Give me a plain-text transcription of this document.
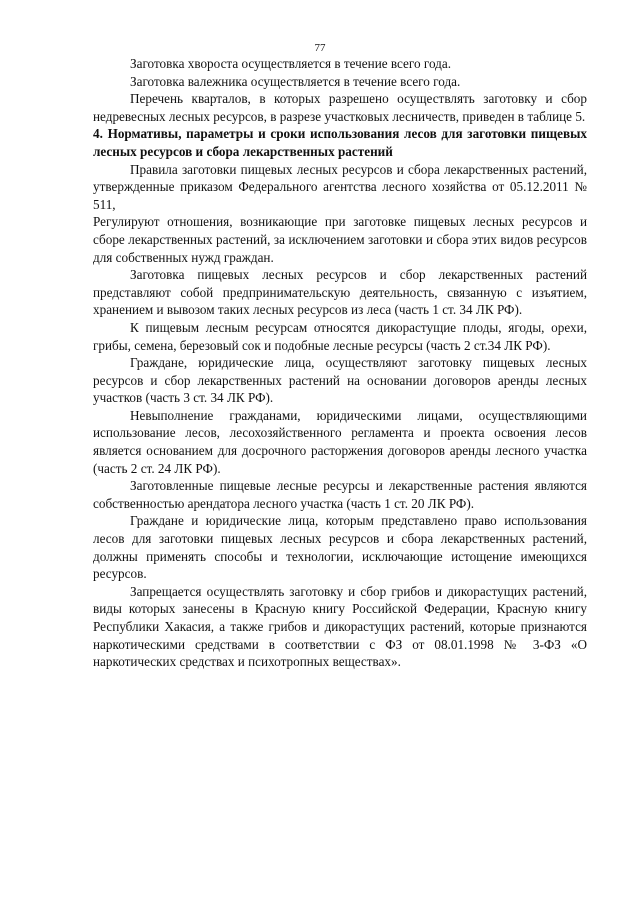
77

Заготовка хвороста осуществляется в течение всего года.

Заготовка валежника осуществляется в течение всего года.

Перечень кварталов, в которых разрешено осуществлять заготовку и сбор недревесных лесных ресурсов, в разрезе участковых лесничеств, приведен в таблице 5.

4. Нормативы, параметры и сроки использования лесов для заготовки пищевых лесных ресурсов и сбора лекарственных растений

Правила заготовки пищевых лесных ресурсов и сбора лекарственных растений, утвержденные приказом Федерального агентства лесного хозяйства от 05.12.2011 № 511,

Регулируют отношения, возникающие при заготовке пищевых лесных ресурсов и сборе лекарственных растений, за исключением заготовки и сбора этих видов ресурсов для собственных нужд граждан.

Заготовка пищевых лесных ресурсов и сбор лекарственных растений представляют собой предпринимательскую деятельность, связанную с изъятием, хранением и вывозом таких лесных ресурсов из леса (часть 1 ст. 34 ЛК РФ).

К пищевым лесным ресурсам относятся дикорастущие плоды, ягоды, орехи, грибы, семена, березовый сок и подобные лесные ресурсы (часть 2 ст.34 ЛК РФ).

Граждане, юридические лица, осуществляют заготовку пищевых лесных ресурсов и сбор лекарственных растений на основании договоров аренды лесных участков (часть 3 ст. 34 ЛК РФ).

Невыполнение гражданами, юридическими лицами, осуществляющими использование лесов, лесохозяйственного регламента и проекта освоения лесов является основанием для досрочного расторжения договоров аренды лесного участка (часть 2 ст. 24 ЛК РФ).

Заготовленные пищевые лесные ресурсы и лекарственные растения являются собственностью арендатора лесного участка (часть 1 ст. 20 ЛК РФ).

Граждане и юридические лица, которым представлено право использования лесов для заготовки пищевых лесных ресурсов и сбора лекарственных растений, должны применять способы и технологии, исключающие истощение имеющихся ресурсов.

Запрещается осуществлять заготовку и сбор грибов и дикорастущих растений, виды которых занесены в Красную книгу Российской Федерации, Красную книгу Республики Хакасия, а также грибов и дикорастущих растений, которые признаются наркотическими средствами в соответствии с ФЗ от 08.01.1998 № 3-ФЗ «О наркотических средствах и психотропных веществах».
